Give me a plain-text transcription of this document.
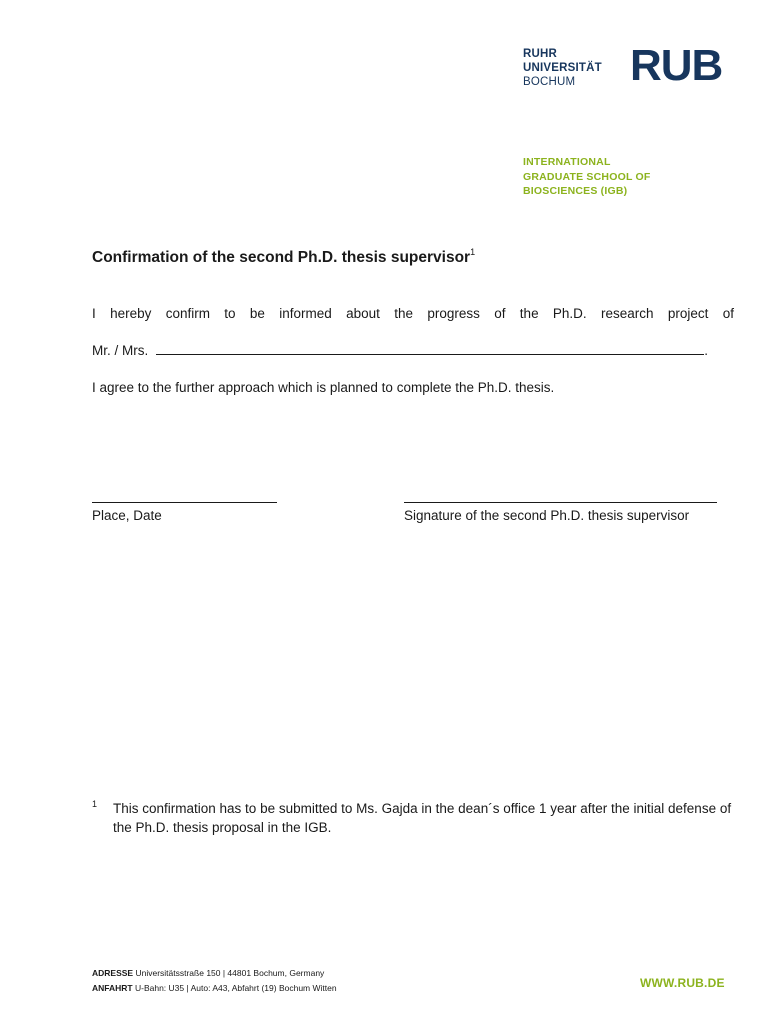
RUHR
UNIVERSITÄT
BOCHUM	RUB
INTERNATIONAL
GRADUATE SCHOOL OF
BIOSCIENCES (IGB)
Confirmation of the second Ph.D. thesis supervisor$^1$
I hereby confirm to be informed about the progress of the Ph.D. research project of
Mr. / Mrs.	.
I agree to the further approach which is planned to complete the Ph.D. thesis.
Place, Date	Signature of the second Ph.D. thesis supervisor
1 This confirmation has to be submitted to Ms. Gajda in the dean´s office 1 year after the initial defense of the Ph.D. thesis proposal in the IGB.
ADRESSE Universitätsstraße 150 | 44801 Bochum, Germany
ANFAHRT U-Bahn: U35 | Auto: A43, Abfahrt (19) Bochum Witten	WWW.RUB.DE
